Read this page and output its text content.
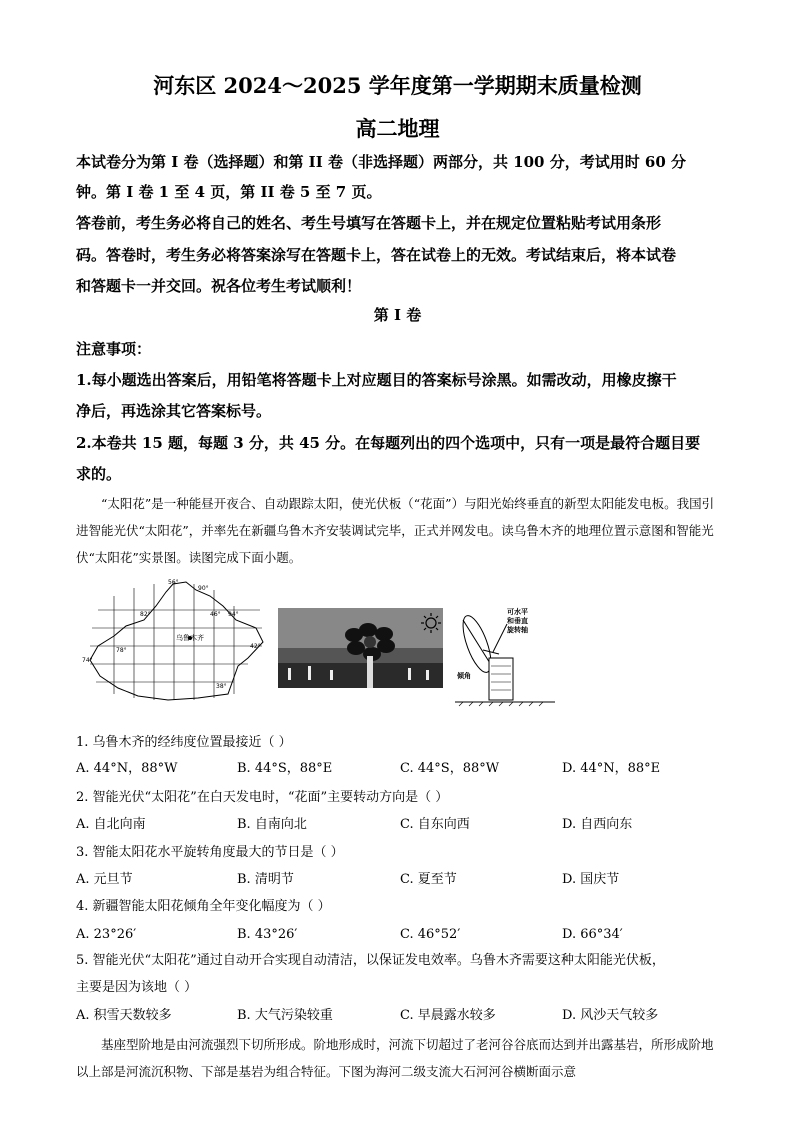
河东区 2024～2025 学年度第一学期期末质量检测
高二地理
本试卷分为第 I 卷（选择题）和第 II 卷（非选择题）两部分，共 100 分，考试用时 60 分
钟。第 I 卷 1 至 4 页，第 II 卷 5 至 7 页。
答卷前，考生务必将自己的姓名、考生号填写在答题卡上，并在规定位置粘贴考试用条形
码。答卷时，考生务必将答案涂写在答题卡上，答在试卷上的无效。考试结束后，将本试卷
和答题卡一并交回。祝各位考生考试顺利！
第 I 卷
注意事项：
1.每小题选出答案后，用铅笔将答题卡上对应题目的答案标号涂黑。如需改动，用橡皮擦干
净后，再选涂其它答案标号。
2.本卷共 15 题，每题 3 分，共 45 分。在每题列出的四个选项中，只有一项是最符合题目要
求的。
“太阳花”是一种能昼开夜合、自动跟踪太阳，使光伏板（“花面”）与阳光始终垂直的新型太阳能发电板。我国引进智能光伏“太阳花”，并率先在新疆乌鲁木齐安装调试完毕，正式并网发电。读乌鲁木齐的地理位置示意图和智能光伏“太阳花”实景图。读图完成下面小题。
乌鲁木齐
56°
90°
82°	46° 94°
42°
78°
74°
38°
可水平
和垂直
旋转轴
倾角
1. 乌鲁木齐的经纬度位置最接近（ ）
A. 44°N，88°W	B. 44°S，88°E	C. 44°S，88°W	D. 44°N，88°E
2. 智能光伏“太阳花”在白天发电时，“花面”主要转动方向是（ ）
A. 自北向南	B. 自南向北	C. 自东向西	D. 自西向东
3. 智能太阳花水平旋转角度最大的节日是（ ）
A. 元旦节	B. 清明节	C. 夏至节	D. 国庆节
4. 新疆智能太阳花倾角全年变化幅度为（ ）
A. 23°26′	B. 43°26′	C. 46°52′	D. 66°34′
5. 智能光伏“太阳花”通过自动开合实现自动清洁，以保证发电效率。乌鲁木齐需要这种太阳能光伏板，
主要是因为该地（ ）
A. 积雪天数较多	B. 大气污染较重	C. 早晨露水较多	D. 风沙天气较多
基座型阶地是由河流强烈下切所形成。阶地形成时，河流下切超过了老河谷谷底而达到并出露基岩，所形成阶地以上部是河流沉积物、下部是基岩为组合特征。下图为海河二级支流大石河河谷横断面示意
